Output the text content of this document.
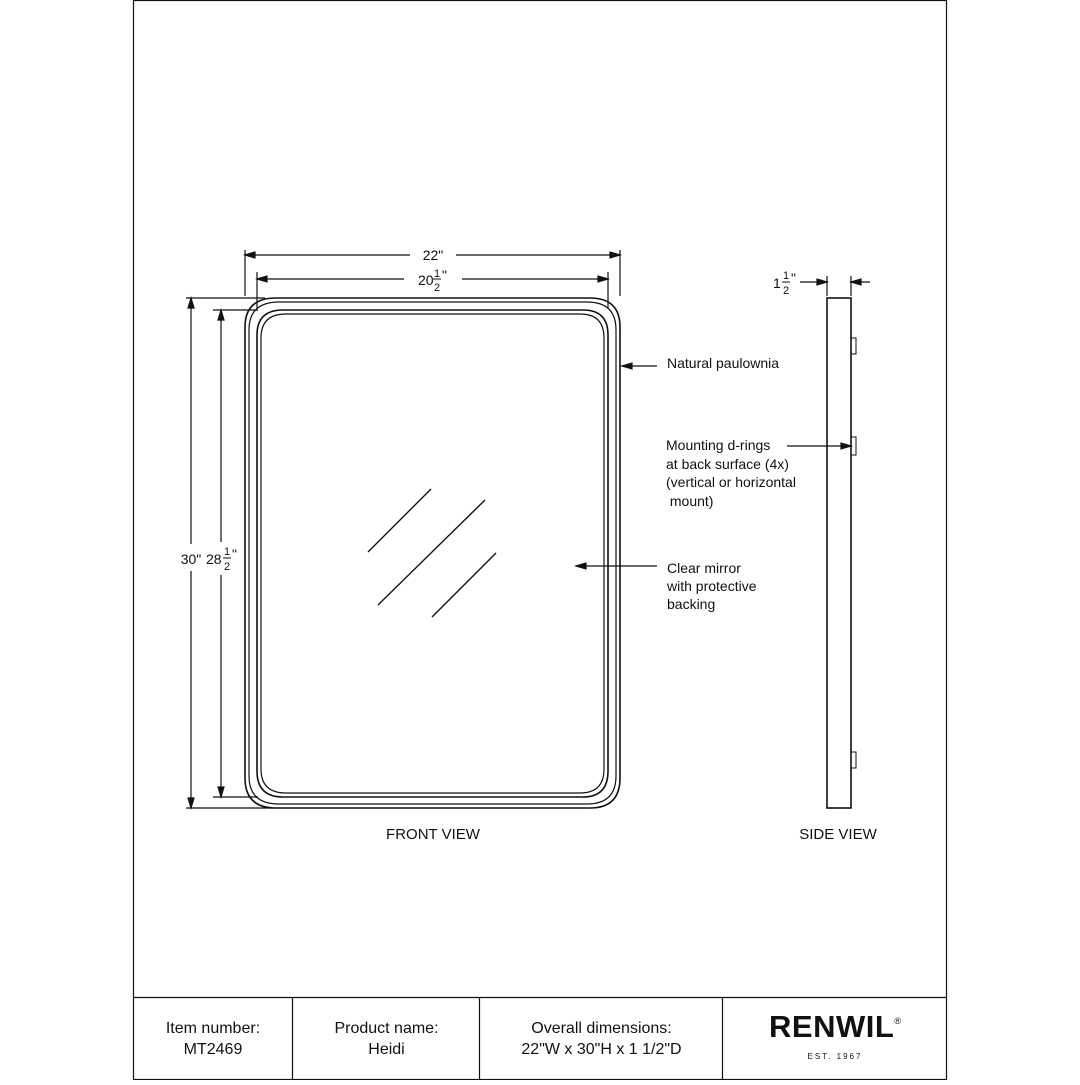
22"
20 1
2
"
30" 28 1
2
"
Natural paulownia
Clear mirror
with protective
backing
Mounting d-rings
at back surface (4x)
(vertical or horizontal
mount)
1 1
2
"
FRONT VIEW	SIDE VIEW
Item number:
MT2469
Product name:
Heidi
Overall dimensions:
22"W x 30"H x 1 1/2"D
RENWIL®
EST. 1967
